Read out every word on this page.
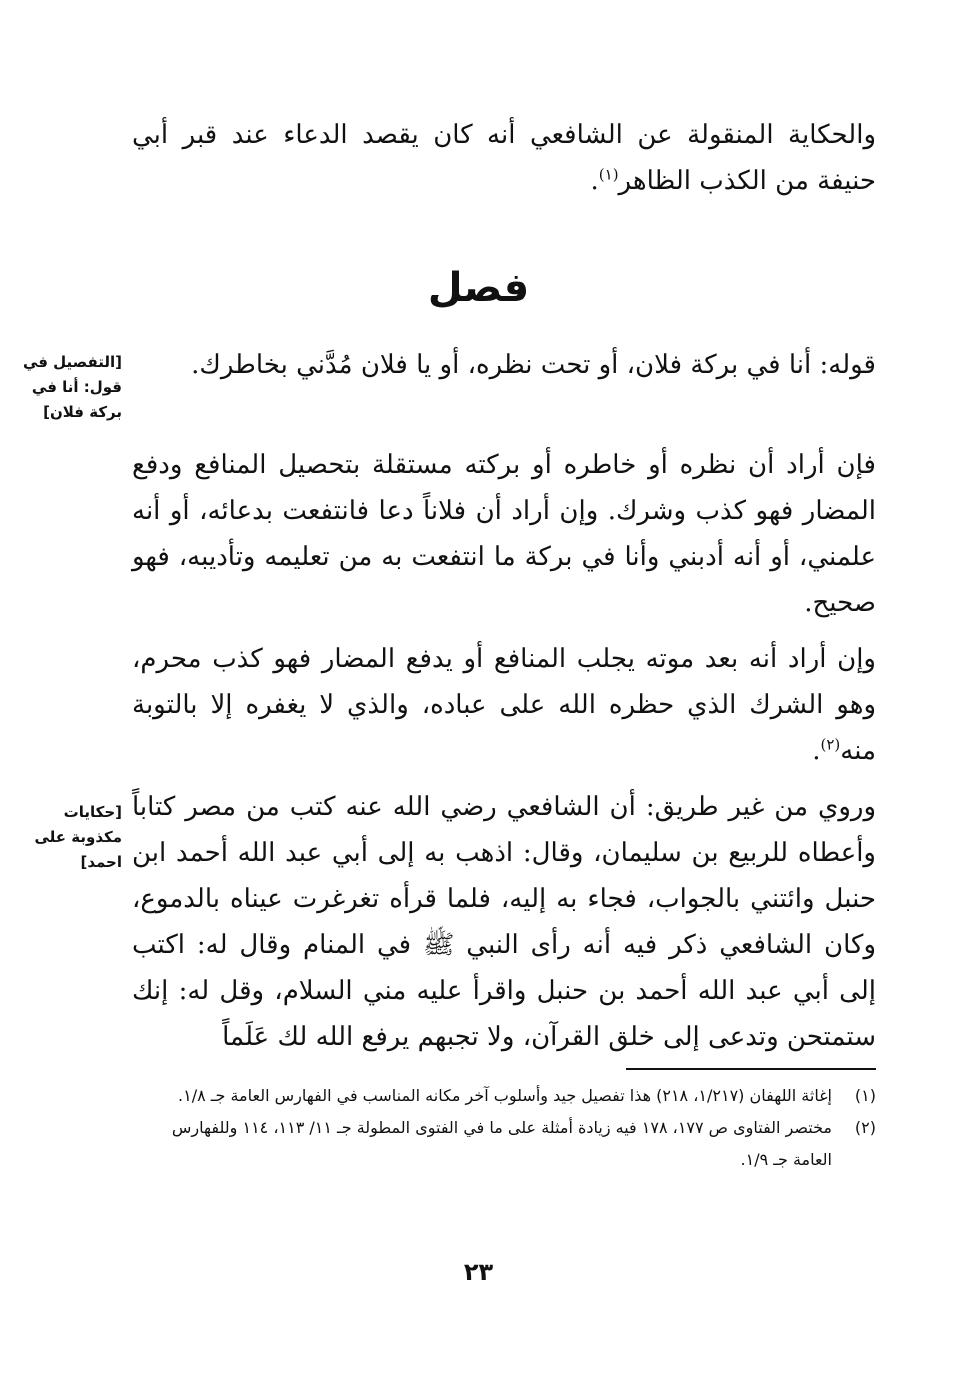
والحكاية المنقولة عن الشافعي أنه كان يقصد الدعاء عند قبر أبي حنيفة من الكذب الظاهر$^{(١)}$.

فصل
[التفصيل في قول: أنا في بركة فلان]

قوله: أنا في بركة فلان، أو تحت نظره، أو يا فلان مُدَّني بخاطرك.

فإن أراد أن نظره أو خاطره أو بركته مستقلة بتحصيل المنافع ودفع المضار فهو كذب وشرك. وإن أراد أن فلاناً دعا فانتفعت بدعائه، أو أنه علمني، أو أنه أدبني وأنا في بركة ما انتفعت به من تعليمه وتأديبه، فهو صحيح.

وإن أراد أنه بعد موته يجلب المنافع أو يدفع المضار فهو كذب محرم، وهو الشرك الذي حظره الله على عباده، والذي لا يغفره إلا بالتوبة منه$^{(٢)}$.

[حكايات مكذوبة على احمد]

وروي من غير طريق: أن الشافعي رضي الله عنه كتب من مصر كتاباً وأعطاه للربيع بن سليمان، وقال: اذهب به إلى أبي عبد الله أحمد ابن حنبل وائتني بالجواب، فجاء به إليه، فلما قرأه تغرغرت عيناه بالدموع، وكان الشافعي ذكر فيه أنه رأى النبي ﷺ في المنام وقال له: اكتب إلى أبي عبد الله أحمد بن حنبل واقرأ عليه مني السلام، وقل له: إنك ستمتحن وتدعى إلى خلق القرآن، ولا تجبهم يرفع الله لك عَلَماً

(١)
إغاثة اللهفان (١/٢١٧، ٢١٨) هذا تفصيل جيد وأسلوب آخر مكانه المناسب في الفهارس العامة جـ ١/٨.
(٢)
مختصر الفتاوى ص ١٧٧، ١٧٨ فيه زيادة أمثلة على ما في الفتوى المطولة جـ ١١/ ١١٣، ١١٤ وللفهارس العامة جـ ١/٩.
٢٣
